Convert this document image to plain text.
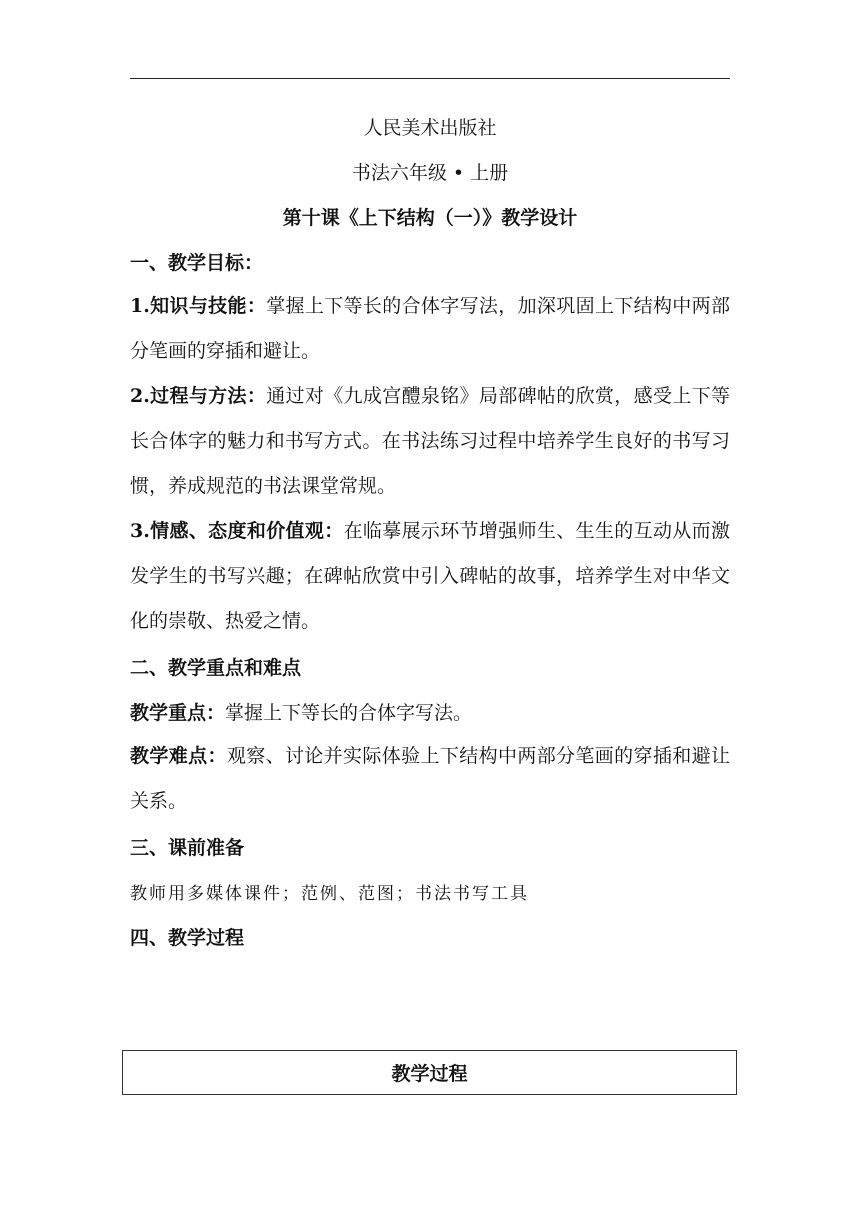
人民美术出版社
书法六年级 • 上册
第十课《上下结构（一）》教学设计
一、教学目标：
1.知识与技能：掌握上下等长的合体字写法，加深巩固上下结构中两部分笔画的穿插和避让。
2.过程与方法：通过对《九成宫醴泉铭》局部碑帖的欣赏，感受上下等长合体字的魅力和书写方式。在书法练习过程中培养学生良好的书写习惯，养成规范的书法课堂常规。
3.情感、态度和价值观：在临摹展示环节增强师生、生生的互动从而激发学生的书写兴趣；在碑帖欣赏中引入碑帖的故事，培养学生对中华文化的崇敬、热爱之情。
二、教学重点和难点
教学重点：掌握上下等长的合体字写法。
教学难点：观察、讨论并实际体验上下结构中两部分笔画的穿插和避让关系。
三、课前准备
教师用多媒体课件；范例、范图；书法书写工具
四、教学过程
教学过程
